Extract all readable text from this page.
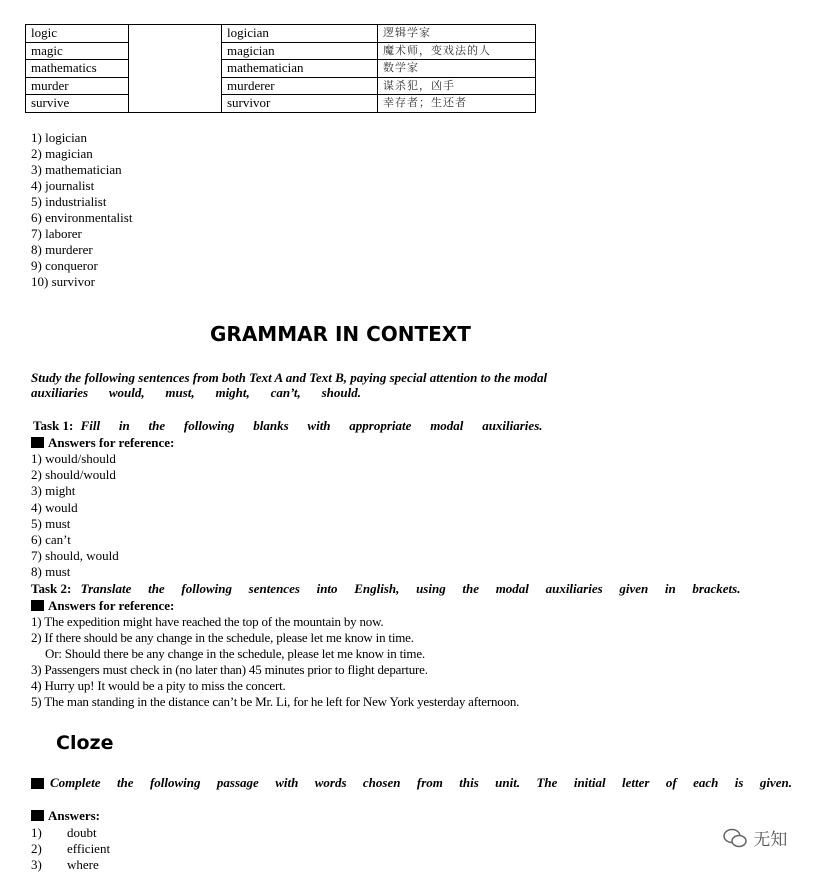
logic		logician	逻辑学家
magic		magician	魔术师，变戏法的人
mathematics		mathematician	数学家
murder		murderer	谋杀犯，凶手
survive		survivor	幸存者；生还者
1) logician
2) magician
3) mathematician
4) journalist
5) industrialist
6) environmentalist
7) laborer
8) murderer
9) conqueror
10) survivor
GRAMMAR IN CONTEXT
Study the following sentences from both Text A and Text B, paying special attention to the modal
auxiliaries would, must, might, can’t, should.
Task 1: Fill in the following blanks with appropriate modal auxiliaries.
Answers for reference:
1) would/should
2) should/would
3) might
4) would
5) must
6) can’t
7) should, would
8) must
Task 2: Translate the following sentences into English, using the modal auxiliaries given in brackets.
Answers for reference:
1) The expedition might have reached the top of the mountain by now.
2) If there should be any change in the schedule, please let me know in time.
Or: Should there be any change in the schedule, please let me know in time.
3) Passengers must check in (no later than) 45 minutes prior to flight departure.
4) Hurry up! It would be a pity to miss the concert.
5) The man standing in the distance can’t be Mr. Li, for he left for New York yesterday afternoon.
Cloze
Complete the following passage with words chosen from this unit. The initial letter of each is given.
Answers:
1) doubt
2) efficient
3) where
无知
